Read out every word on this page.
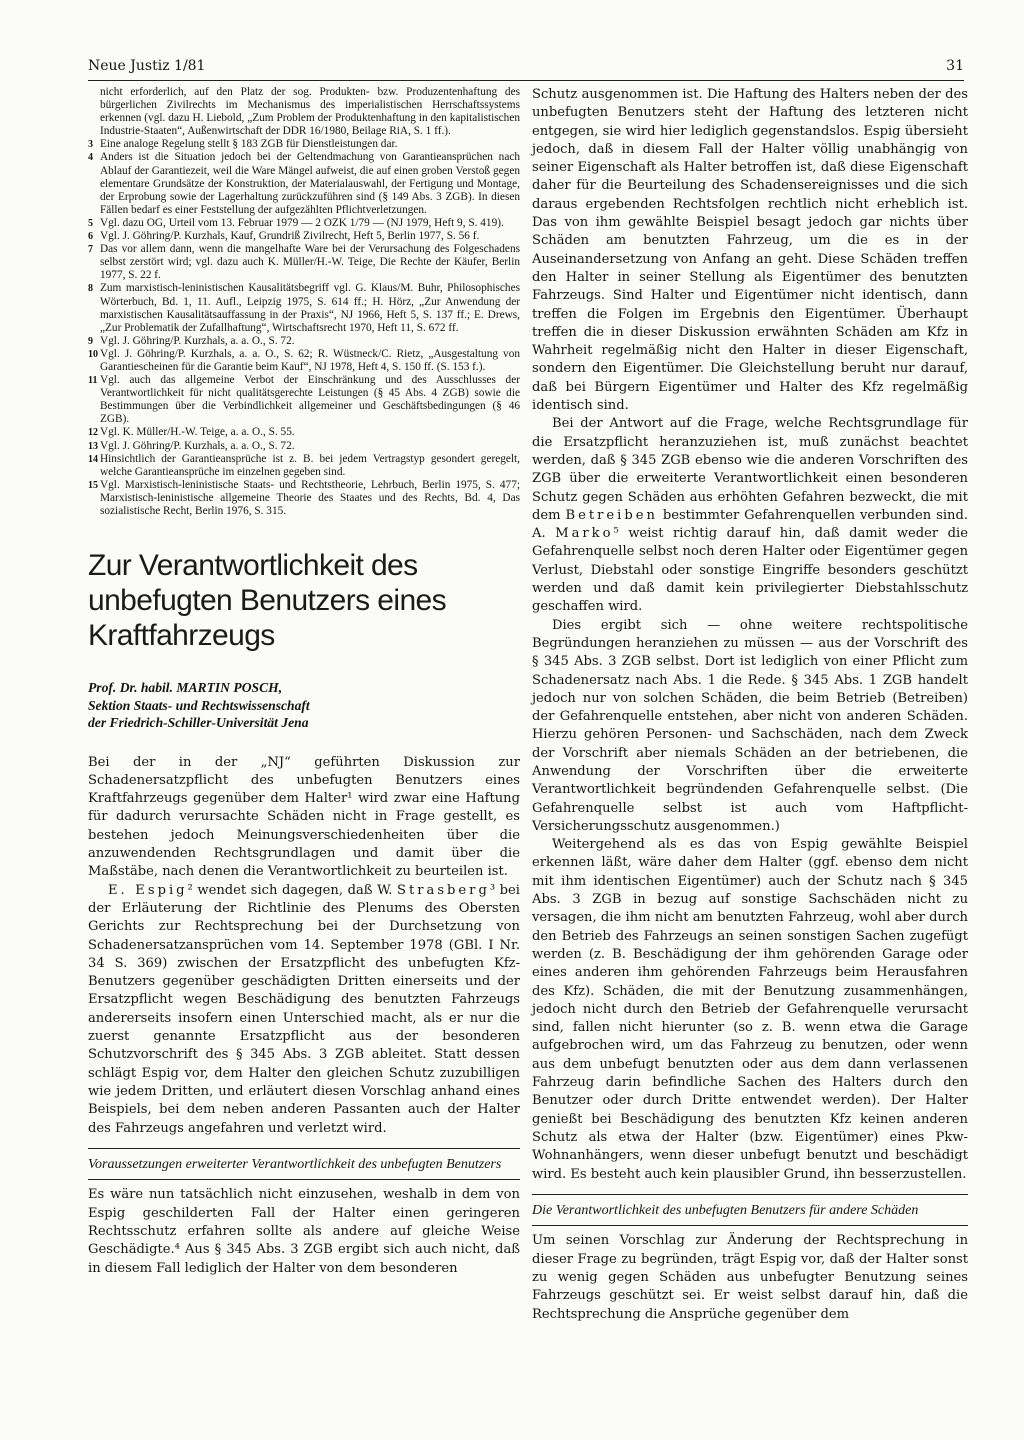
Neue Justiz 1/81	31
nicht erforderlich, auf den Platz der sog. Produkten- bzw. Produzentenhaftung des bürgerlichen Zivilrechts im Mechanismus des imperialistischen Herrschaftssystems erkennen (vgl. dazu H. Liebold, „Zum Problem der Produktenhaftung in den kapitalistischen Industrie-Staaten“, Außenwirtschaft der DDR 16/1980, Beilage RiA, S. 1 ff.).
3 Eine analoge Regelung stellt § 183 ZGB für Dienstleistungen dar.
4 Anders ist die Situation jedoch bei der Geltendmachung von Garantieansprüchen nach Ablauf der Garantiezeit, weil die Ware Mängel aufweist, die auf einen groben Verstoß gegen elementare Grundsätze der Konstruktion, der Materialauswahl, der Fertigung und Montage, der Erprobung sowie der Lagerhaltung zurückzuführen sind (§ 149 Abs. 3 ZGB). In diesen Fällen bedarf es einer Feststellung der aufgezählten Pflichtverletzungen.
5 Vgl. dazu OG, Urteil vom 13. Februar 1979 — 2 OZK 1/79 — (NJ 1979, Heft 9, S. 419).
6 Vgl. J. Göhring/P. Kurzhals, Kauf, Grundriß Zivilrecht, Heft 5, Berlin 1977, S. 56 f.
7 Das vor allem dann, wenn die mangelhafte Ware bei der Verursachung des Folgeschadens selbst zerstört wird; vgl. dazu auch K. Müller/H.-W. Teige, Die Rechte der Käufer, Berlin 1977, S. 22 f.
8 Zum marxistisch-leninistischen Kausalitätsbegriff vgl. G. Klaus/M. Buhr, Philosophisches Wörterbuch, Bd. 1, 11. Aufl., Leipzig 1975, S. 614 ff.; H. Hörz, „Zur Anwendung der marxistischen Kausalitätsauffassung in der Praxis“, NJ 1966, Heft 5, S. 137 ff.; E. Drews, „Zur Problematik der Zufallhaftung“, Wirtschaftsrecht 1970, Heft 11, S. 672 ff.
9 Vgl. J. Göhring/P. Kurzhals, a. a. O., S. 72.
10 Vgl. J. Göhring/P. Kurzhals, a. a. O., S. 62; R. Wüstneck/C. Rietz, „Ausgestaltung von Garantiescheinen für die Garantie beim Kauf“, NJ 1978, Heft 4, S. 150 ff. (S. 153 f.).
11 Vgl. auch das allgemeine Verbot der Einschränkung und des Ausschlusses der Verantwortlichkeit für nicht qualitätsgerechte Leistungen (§ 45 Abs. 4 ZGB) sowie die Bestimmungen über die Verbindlichkeit allgemeiner und Geschäftsbedingungen (§ 46 ZGB).
12 Vgl. K. Müller/H.-W. Teige, a. a. O., S. 55.
13 Vgl. J. Göhring/P. Kurzhals, a. a. O., S. 72.
14 Hinsichtlich der Garantieansprüche ist z. B. bei jedem Vertragstyp gesondert geregelt, welche Garantieansprüche im einzelnen gegeben sind.
15 Vgl. Marxistisch-leninistische Staats- und Rechtstheorie, Lehrbuch, Berlin 1975, S. 477; Marxistisch-leninistische allgemeine Theorie des Staates und des Rechts, Bd. 4, Das sozialistische Recht, Berlin 1976, S. 315.
Zur Verantwortlichkeit des unbefugten Benutzers eines Kraftfahrzeugs
Prof. Dr. habil. MARTIN POSCH,
Sektion Staats- und Rechtswissenschaft
der Friedrich-Schiller-Universität Jena

Bei der in der „NJ“ geführten Diskussion zur Schadenersatzpflicht des unbefugten Benutzers eines Kraftfahrzeugs gegenüber dem Halter¹ wird zwar eine Haftung für dadurch verursachte Schäden nicht in Frage gestellt, es bestehen jedoch Meinungsverschiedenheiten über die anzuwendenden Rechtsgrundlagen und damit über die Maßstäbe, nach denen die Verantwortlichkeit zu beurteilen ist.

E. Espig² wendet sich dagegen, daß W. Strasberg³ bei der Erläuterung der Richtlinie des Plenums des Obersten Gerichts zur Rechtsprechung bei der Durchsetzung von Schadenersatzansprüchen vom 14. September 1978 (GBl. I Nr. 34 S. 369) zwischen der Ersatzpflicht des unbefugten Kfz-Benutzers gegenüber geschädigten Dritten einerseits und der Ersatzpflicht wegen Beschädigung des benutzten Fahrzeugs andererseits insofern einen Unterschied macht, als er nur die zuerst genannte Ersatzpflicht aus der besonderen Schutzvorschrift des § 345 Abs. 3 ZGB ableitet. Statt dessen schlägt Espig vor, dem Halter den gleichen Schutz zuzubilligen wie jedem Dritten, und erläutert diesen Vorschlag anhand eines Beispiels, bei dem neben anderen Passanten auch der Halter des Fahrzeugs angefahren und verletzt wird.

Voraussetzungen erweiterter Verantwortlichkeit des unbefugten Benutzers

Es wäre nun tatsächlich nicht einzusehen, weshalb in dem von Espig geschilderten Fall der Halter einen geringeren Rechtsschutz erfahren sollte als andere auf gleiche Weise Geschädigte.⁴ Aus § 345 Abs. 3 ZGB ergibt sich auch nicht, daß in diesem Fall lediglich der Halter von dem besonderen

Schutz ausgenommen ist. Die Haftung des Halters neben der des unbefugten Benutzers steht der Haftung des letzteren nicht entgegen, sie wird hier lediglich gegenstandslos. Espig übersieht jedoch, daß in diesem Fall der Halter völlig unabhängig von seiner Eigenschaft als Halter betroffen ist, daß diese Eigenschaft daher für die Beurteilung des Schadensereignisses und die sich daraus ergebenden Rechtsfolgen rechtlich nicht erheblich ist. Das von ihm gewählte Beispiel besagt jedoch gar nichts über Schäden am benutzten Fahrzeug, um die es in der Auseinandersetzung von Anfang an geht. Diese Schäden treffen den Halter in seiner Stellung als Eigentümer des benutzten Fahrzeugs. Sind Halter und Eigentümer nicht identisch, dann treffen die Folgen im Ergebnis den Eigentümer. Überhaupt treffen die in dieser Diskussion erwähnten Schäden am Kfz in Wahrheit regelmäßig nicht den Halter in dieser Eigenschaft, sondern den Eigentümer. Die Gleichstellung beruht nur darauf, daß bei Bürgern Eigentümer und Halter des Kfz regelmäßig identisch sind.

Bei der Antwort auf die Frage, welche Rechtsgrundlage für die Ersatzpflicht heranzuziehen ist, muß zunächst beachtet werden, daß § 345 ZGB ebenso wie die anderen Vorschriften des ZGB über die erweiterte Verantwortlichkeit einen besonderen Schutz gegen Schäden aus erhöhten Gefahren bezweckt, die mit dem Betreiben bestimmter Gefahrenquellen verbunden sind. A. Marko⁵ weist richtig darauf hin, daß damit weder die Gefahrenquelle selbst noch deren Halter oder Eigentümer gegen Verlust, Diebstahl oder sonstige Eingriffe besonders geschützt werden und daß damit kein privilegierter Diebstahlsschutz geschaffen wird.

Dies ergibt sich — ohne weitere rechtspolitische Begründungen heranziehen zu müssen — aus der Vorschrift des § 345 Abs. 3 ZGB selbst. Dort ist lediglich von einer Pflicht zum Schadenersatz nach Abs. 1 die Rede. § 345 Abs. 1 ZGB handelt jedoch nur von solchen Schäden, die beim Betrieb (Betreiben) der Gefahrenquelle entstehen, aber nicht von anderen Schäden. Hierzu gehören Personen- und Sachschäden, nach dem Zweck der Vorschrift aber niemals Schäden an der betriebenen, die Anwendung der Vorschriften über die erweiterte Verantwortlichkeit begründenden Gefahrenquelle selbst. (Die Gefahrenquelle selbst ist auch vom Haftpflicht-Versicherungsschutz ausgenommen.)

Weitergehend als es das von Espig gewählte Beispiel erkennen läßt, wäre daher dem Halter (ggf. ebenso dem nicht mit ihm identischen Eigentümer) auch der Schutz nach § 345 Abs. 3 ZGB in bezug auf sonstige Sachschäden nicht zu versagen, die ihm nicht am benutzten Fahrzeug, wohl aber durch den Betrieb des Fahrzeugs an seinen sonstigen Sachen zugefügt werden (z. B. Beschädigung der ihm gehörenden Garage oder eines anderen ihm gehörenden Fahrzeugs beim Herausfahren des Kfz). Schäden, die mit der Benutzung zusammenhängen, jedoch nicht durch den Betrieb der Gefahrenquelle verursacht sind, fallen nicht hierunter (so z. B. wenn etwa die Garage aufgebrochen wird, um das Fahrzeug zu benutzen, oder wenn aus dem unbefugt benutzten oder aus dem dann verlassenen Fahrzeug darin befindliche Sachen des Halters durch den Benutzer oder durch Dritte entwendet werden). Der Halter genießt bei Beschädigung des benutzten Kfz keinen anderen Schutz als etwa der Halter (bzw. Eigentümer) eines Pkw-Wohnanhängers, wenn dieser unbefugt benutzt und beschädigt wird. Es besteht auch kein plausibler Grund, ihn besserzustellen.

Die Verantwortlichkeit des unbefugten Benutzers für andere Schäden

Um seinen Vorschlag zur Änderung der Rechtsprechung in dieser Frage zu begründen, trägt Espig vor, daß der Halter sonst zu wenig gegen Schäden aus unbefugter Benutzung seines Fahrzeugs geschützt sei. Er weist selbst darauf hin, daß die Rechtsprechung die Ansprüche gegenüber dem
